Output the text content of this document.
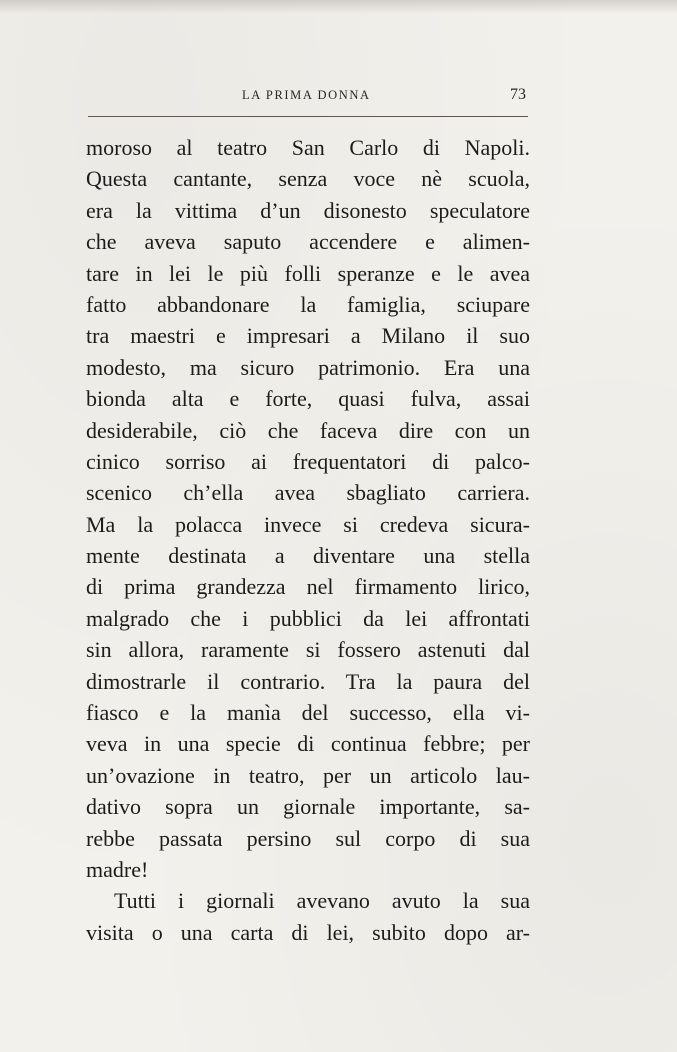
LA PRIMA DONNA	73
moroso al teatro San Carlo di Napoli.
Questa cantante, senza voce nè scuola,
era la vittima d’un disonesto speculatore
che aveva saputo accendere e alimen-
tare in lei le più folli speranze e le avea
fatto abbandonare la famiglia, sciupare
tra maestri e impresari a Milano il suo
modesto, ma sicuro patrimonio. Era una
bionda alta e forte, quasi fulva, assai
desiderabile, ciò che faceva dire con un
cinico sorriso ai frequentatori di palco-
scenico ch’ella avea sbagliato carriera.
Ma la polacca invece si credeva sicura-
mente destinata a diventare una stella
di prima grandezza nel firmamento lirico,
malgrado che i pubblici da lei affrontati
sin allora, raramente si fossero astenuti dal
dimostrarle il contrario. Tra la paura del
fiasco e la manìa del successo, ella vi-
veva in una specie di continua febbre; per
un’ovazione in teatro, per un articolo lau-
dativo sopra un giornale importante, sa-
rebbe passata persino sul corpo di sua
madre!
Tutti i giornali avevano avuto la sua
visita o una carta di lei, subito dopo ar-
